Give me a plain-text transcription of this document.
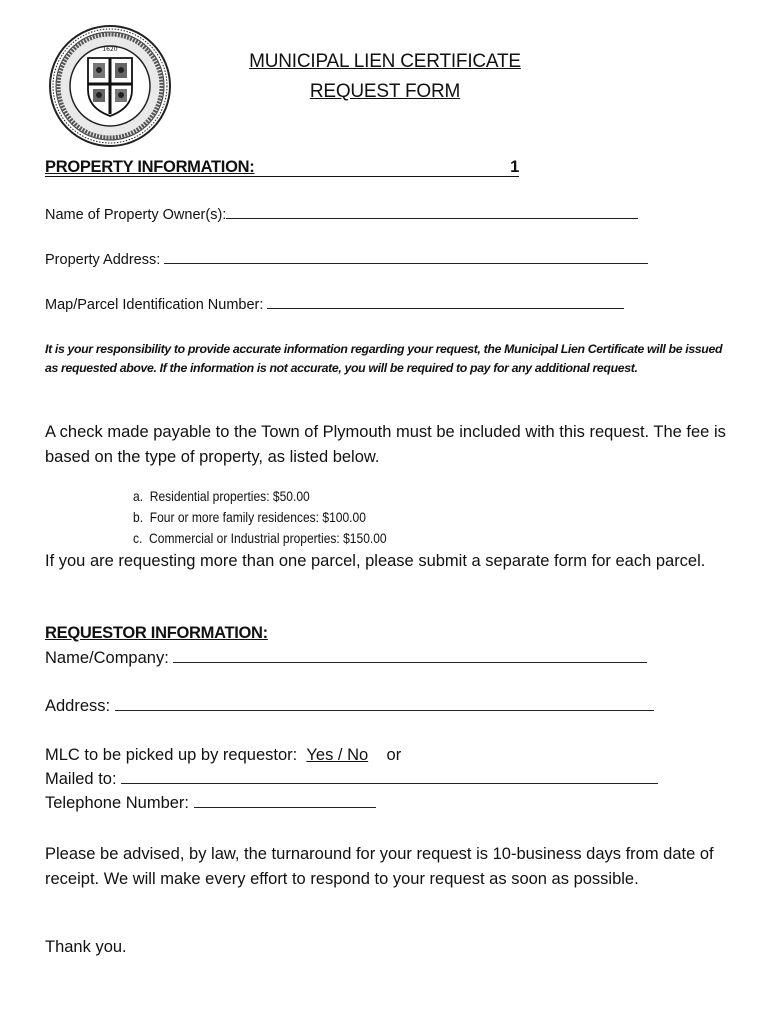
1620
MUNICIPAL LIEN CERTIFICATE
REQUEST FORM
PROPERTY INFORMATION:	1
Name of Property Owner(s):
Property Address:
Map/Parcel Identification Number:
It is your responsibility to provide accurate information regarding your request, the Municipal Lien Certificate will be issued as requested above. If the information is not accurate, you will be required to pay for any additional request.
A check made payable to the Town of Plymouth must be included with this request. The fee is based on the type of property, as listed below.
a. Residential properties: $50.00
b. Four or more family residences: $100.00
c. Commercial or Industrial properties: $150.00
If you are requesting more than one parcel, please submit a separate form for each parcel.
REQUESTOR INFORMATION:
Name/Company:
Address:
MLC to be picked up by requestor: Yes / No or
Mailed to:
Telephone Number:
Please be advised, by law, the turnaround for your request is 10-business days from date of receipt. We will make every effort to respond to your request as soon as possible.
Thank you.
